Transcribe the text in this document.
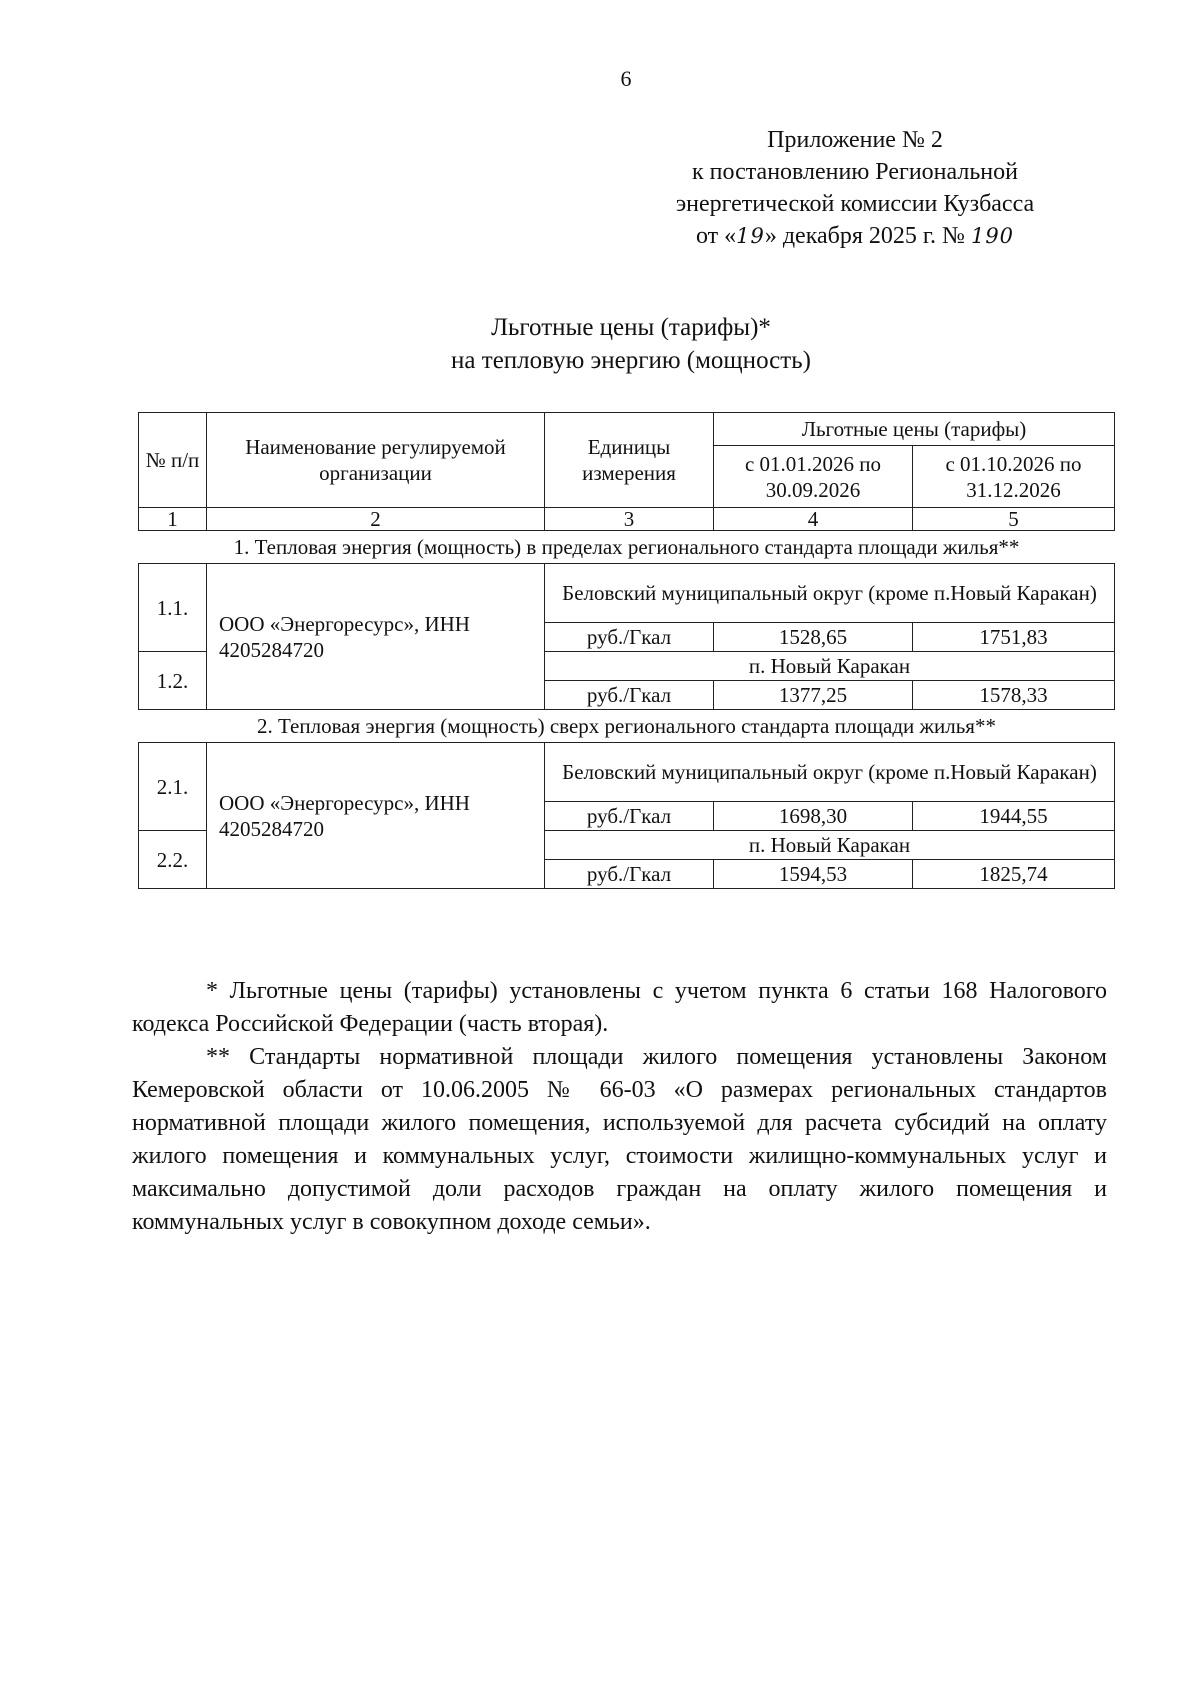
6
Приложение № 2
к постановлению Региональной
энергетической комиссии Кузбасса
от «19» декабря 2025 г. № 190
Льготные цены (тарифы)*
на тепловую энергию (мощность)
№ п/п	Наименование регулируемой организации	Единицы измерения	Льготные цены (тарифы)	
			с 01.01.2026 по 30.09.2026	с 01.10.2026 по 31.12.2026
1	2	3	4	5
1. Тепловая энергия (мощность) в пределах регионального стандарта площади жилья**				
1.1.	ООО «Энергоресурс», ИНН 4205284720	Беловский муниципальный округ (кроме п.Новый Каракан)		
		руб./Гкал	1528,65	1751,83
1.2.		п. Новый Каракан		
		руб./Гкал	1377,25	1578,33
2. Тепловая энергия (мощность) сверх регионального стандарта площади жилья**				
2.1.	ООО «Энергоресурс», ИНН 4205284720	Беловский муниципальный округ (кроме п.Новый Каракан)		
		руб./Гкал	1698,30	1944,55
2.2.		п. Новый Каракан		
		руб./Гкал	1594,53	1825,74

* Льготные цены (тарифы) установлены с учетом пункта 6 статьи 168 Налогового кодекса Российской Федерации (часть вторая).

** Стандарты нормативной площади жилого помещения установлены Законом Кемеровской области от 10.06.2005 № 66-03 «О размерах региональных стандартов нормативной площади жилого помещения, используемой для расчета субсидий на оплату жилого помещения и коммунальных услуг, стоимости жилищно-коммунальных услуг и максимально допустимой доли расходов граждан на оплату жилого помещения и коммунальных услуг в совокупном доходе семьи».
